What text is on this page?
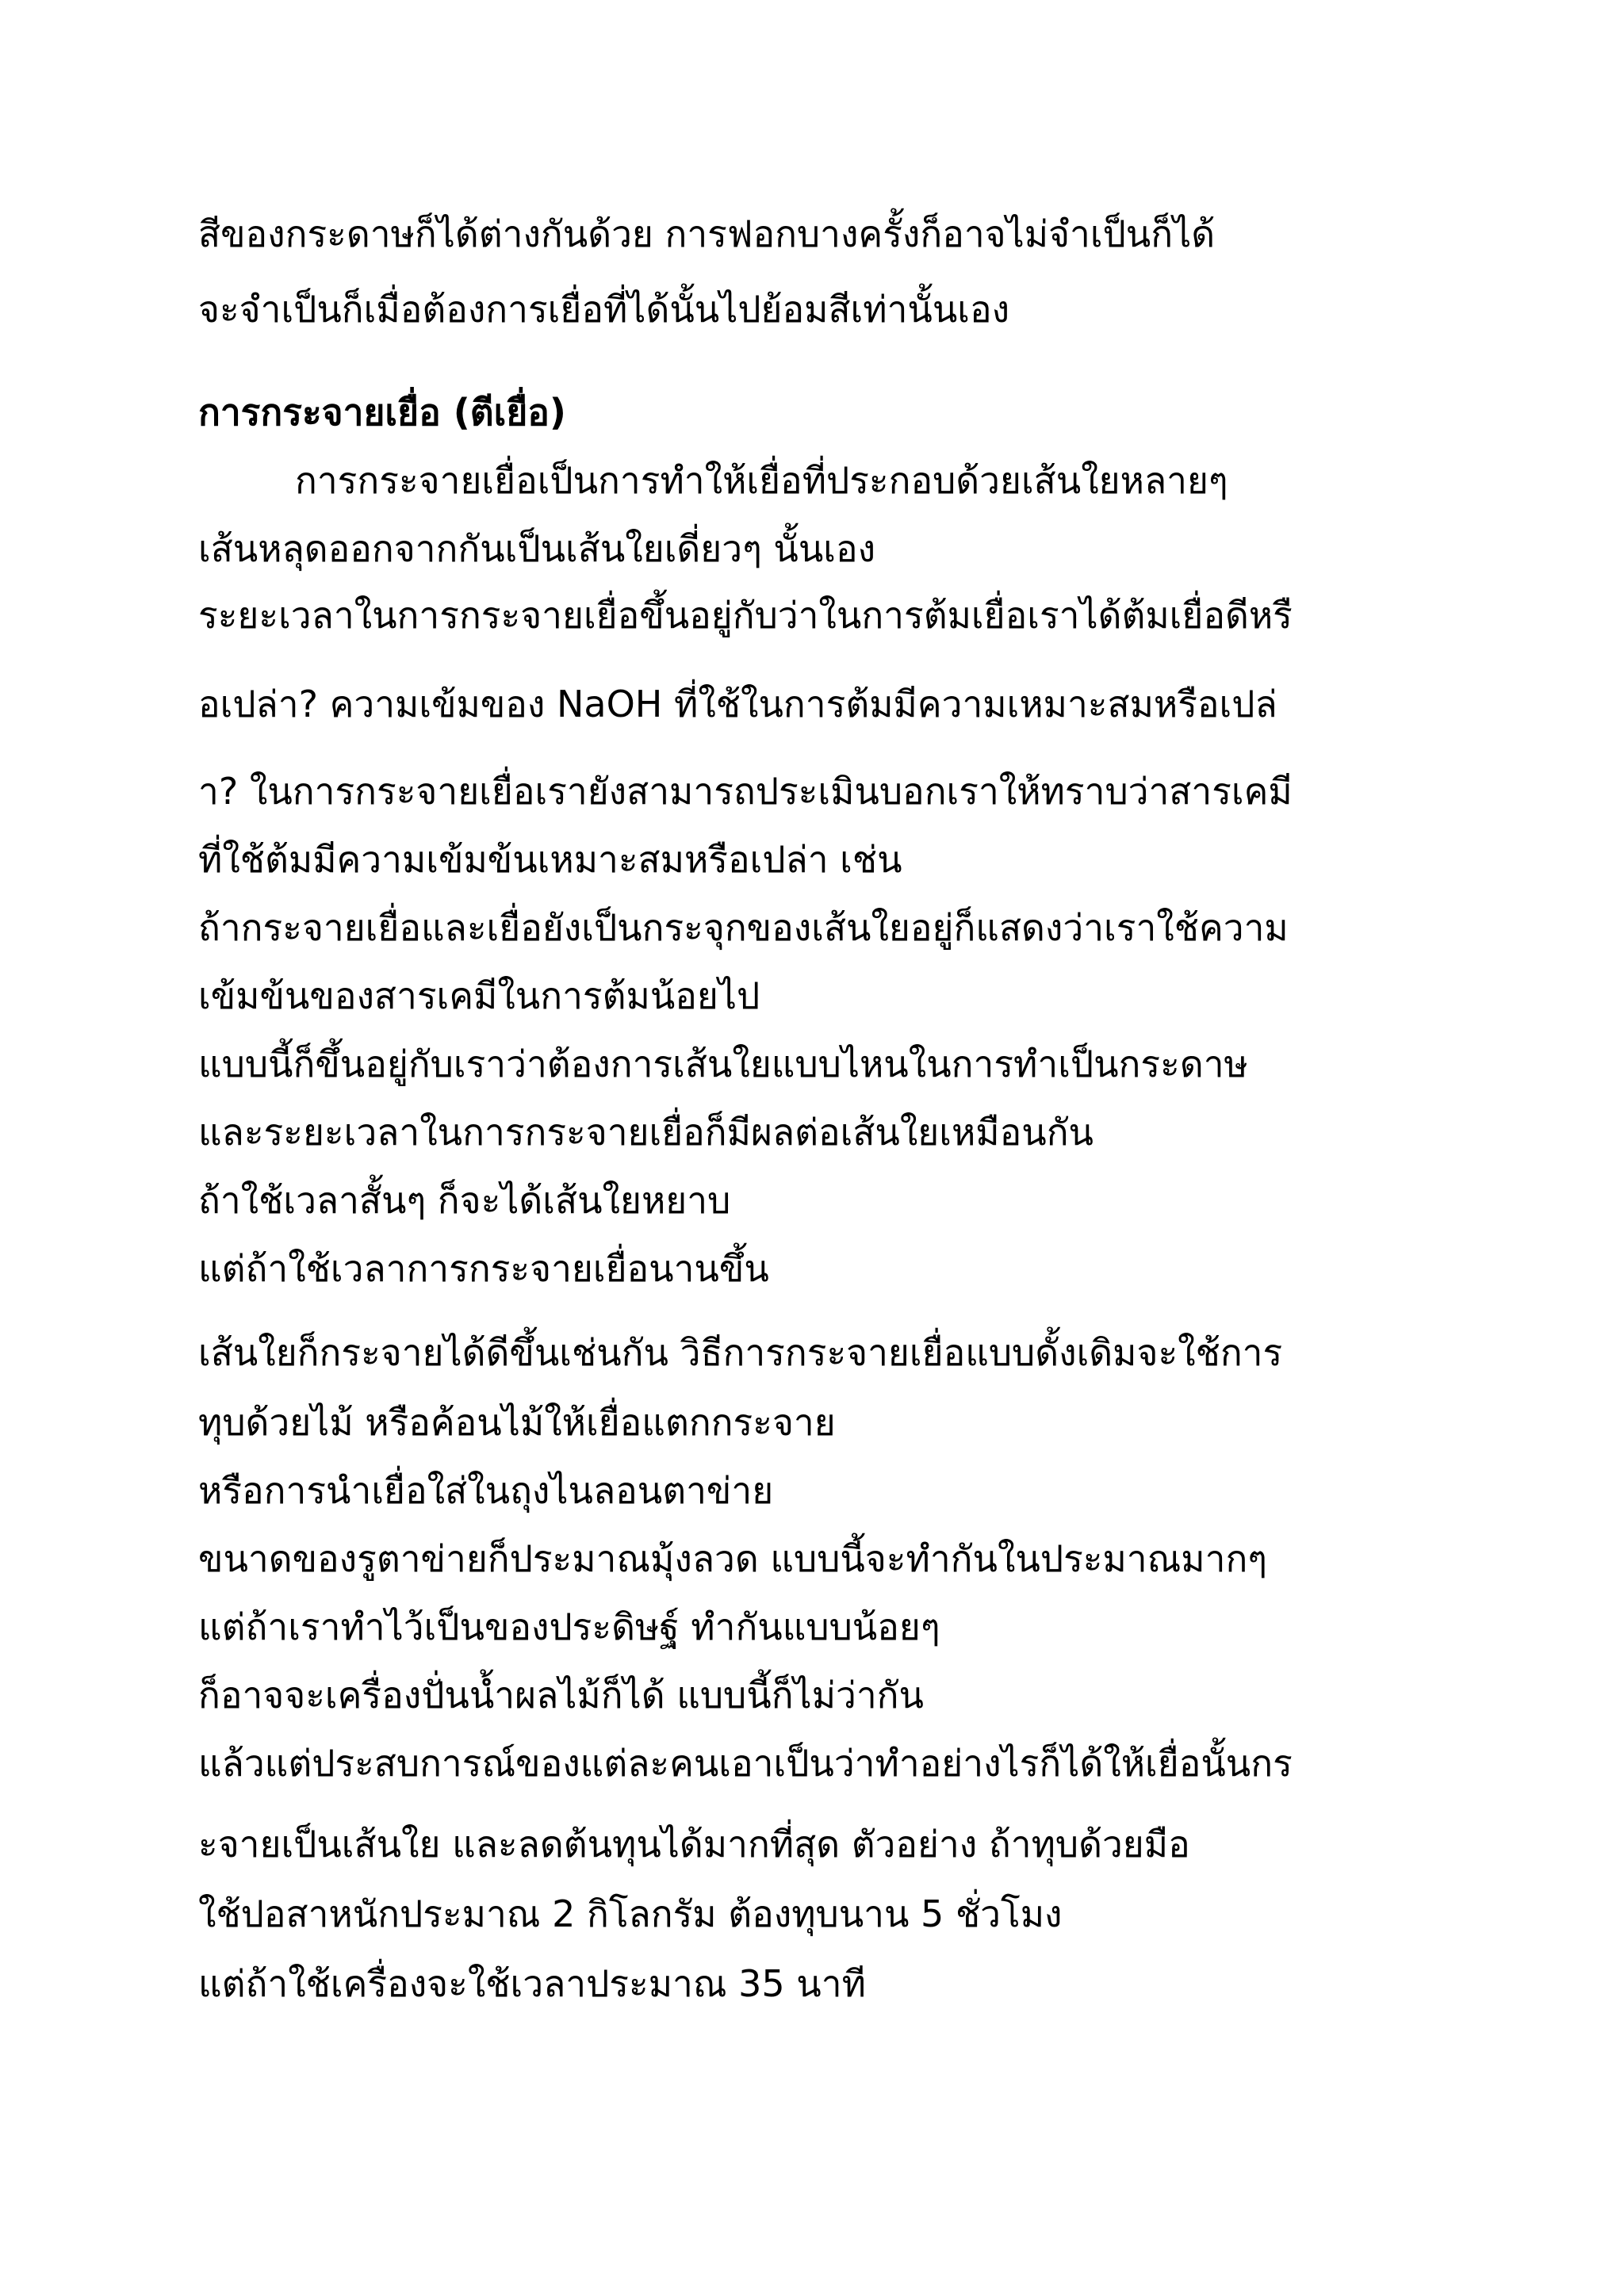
สีของกระดาษก็ได้ต่างกันด้วย การฟอกบางครั้งก็อาจไม่จำเป็นก็ได้

จะจำเป็นก็เมื่อต้องการเยื่อที่ได้นั้นไปย้อมสีเท่านั้นเอง

การกระจายเยื่อ (ตีเยื่อ)

การกระจายเยื่อเป็นการทำให้เยื่อที่ประกอบด้วยเส้นใยหลายๆ

เส้นหลุดออกจากกันเป็นเส้นใยเดี่ยวๆ นั้นเอง

ระยะเวลาในการกระจายเยื่อขึ้นอยู่กับว่าในการต้มเยื่อเราได้ต้มเยื่อดีหรื

อเปล่า? ความเข้มของ NaOH ที่ใช้ในการต้มมีความเหมาะสมหรือเปล่

า? ในการกระจายเยื่อเรายังสามารถประเมินบอกเราให้ทราบว่าสารเคมี

ที่ใช้ต้มมีความเข้มข้นเหมาะสมหรือเปล่า เช่น

ถ้ากระจายเยื่อและเยื่อยังเป็นกระจุกของเส้นใยอยู่ก็แสดงว่าเราใช้ความ

เข้มข้นของสารเคมีในการต้มน้อยไป

แบบนี้ก็ขึ้นอยู่กับเราว่าต้องการเส้นใยแบบไหนในการทำเป็นกระดาษ

และระยะเวลาในการกระจายเยื่อก็มีผลต่อเส้นใยเหมือนกัน

ถ้าใช้เวลาสั้นๆ ก็จะได้เส้นใยหยาบ

แต่ถ้าใช้เวลาการกระจายเยื่อนานขึ้น

เส้นใยก็กระจายได้ดีขึ้นเช่นกัน วิธีการกระจายเยื่อแบบดั้งเดิมจะใช้การ

ทุบด้วยไม้ หรือค้อนไม้ให้เยื่อแตกกระจาย

หรือการนำเยื่อใส่ในถุงไนลอนตาข่าย

ขนาดของรูตาข่ายก็ประมาณมุ้งลวด แบบนี้จะทำกันในประมาณมากๆ

แต่ถ้าเราทำไว้เป็นของประดิษฐ์ ทำกันแบบน้อยๆ

ก็อาจจะเครื่องปั่นน้ำผลไม้ก็ได้ แบบนี้ก็ไม่ว่ากัน

แล้วแต่ประสบการณ์ของแต่ละคนเอาเป็นว่าทำอย่างไรก็ได้ให้เยื่อนั้นกร

ะจายเป็นเส้นใย และลดต้นทุนได้มากที่สุด ตัวอย่าง ถ้าทุบด้วยมือ

ใช้ปอสาหนักประมาณ 2 กิโลกรัม ต้องทุบนาน 5 ชั่วโมง

แต่ถ้าใช้เครื่องจะใช้เวลาประมาณ 35 นาที
